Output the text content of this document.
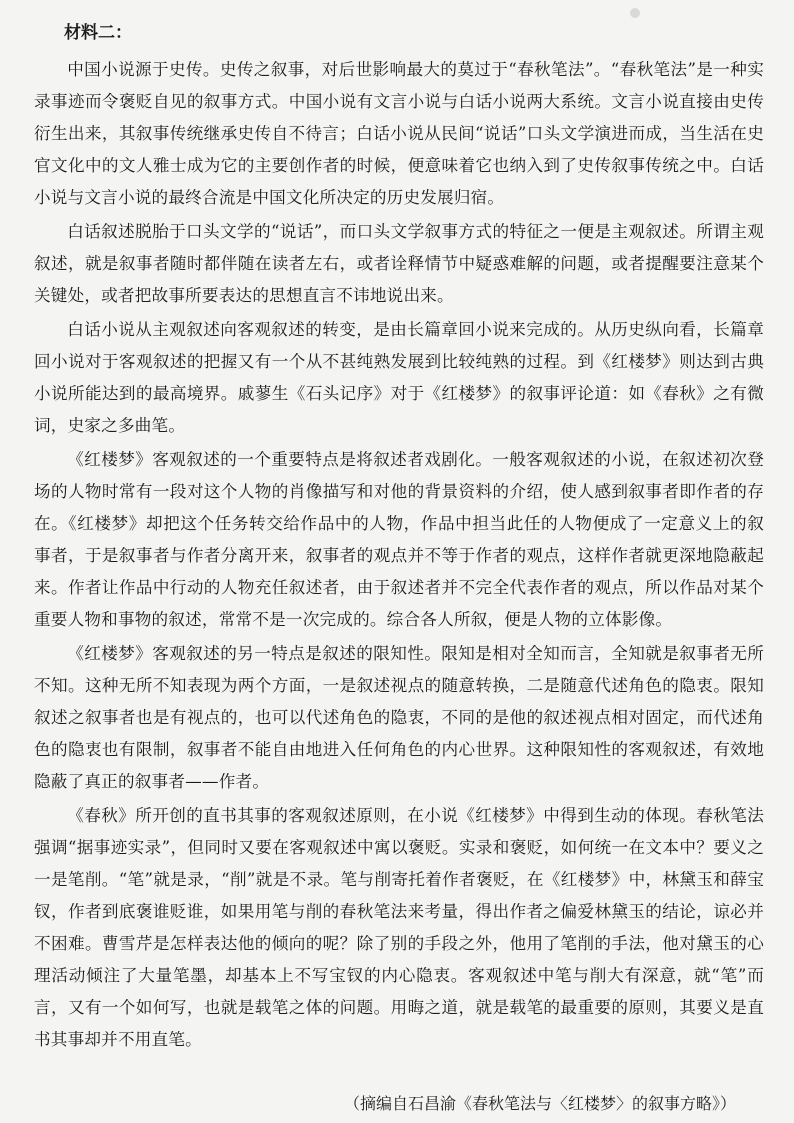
材料二：

中国小说源于史传。史传之叙事，对后世影响最大的莫过于“春秋笔法”。“春秋笔法”是一种实录事迹而令褒贬自见的叙事方式。中国小说有文言小说与白话小说两大系统。文言小说直接由史传衍生出来，其叙事传统继承史传自不待言；白话小说从民间“说话”口头文学演进而成，当生活在史官文化中的文人雅士成为它的主要创作者的时候，便意味着它也纳入到了史传叙事传统之中。白话小说与文言小说的最终合流是中国文化所决定的历史发展归宿。

白话叙述脱胎于口头文学的“说话”，而口头文学叙事方式的特征之一便是主观叙述。所谓主观叙述，就是叙事者随时都伴随在读者左右，或者诠释情节中疑惑难解的问题，或者提醒要注意某个关键处，或者把故事所要表达的思想直言不讳地说出来。

白话小说从主观叙述向客观叙述的转变，是由长篇章回小说来完成的。从历史纵向看，长篇章回小说对于客观叙述的把握又有一个从不甚纯熟发展到比较纯熟的过程。到《红楼梦》则达到古典小说所能达到的最高境界。戚蓼生《石头记序》对于《红楼梦》的叙事评论道：如《春秋》之有微词，史家之多曲笔。

《红楼梦》客观叙述的一个重要特点是将叙述者戏剧化。一般客观叙述的小说，在叙述初次登场的人物时常有一段对这个人物的肖像描写和对他的背景资料的介绍，使人感到叙事者即作者的存在。《红楼梦》却把这个任务转交给作品中的人物，作品中担当此任的人物便成了一定意义上的叙事者，于是叙事者与作者分离开来，叙事者的观点并不等于作者的观点，这样作者就更深地隐蔽起来。作者让作品中行动的人物充任叙述者，由于叙述者并不完全代表作者的观点，所以作品对某个重要人物和事物的叙述，常常不是一次完成的。综合各人所叙，便是人物的立体影像。

《红楼梦》客观叙述的另一特点是叙述的限知性。限知是相对全知而言，全知就是叙事者无所不知。这种无所不知表现为两个方面，一是叙述视点的随意转换，二是随意代述角色的隐衷。限知叙述之叙事者也是有视点的，也可以代述角色的隐衷，不同的是他的叙述视点相对固定，而代述角色的隐衷也有限制，叙事者不能自由地进入任何角色的内心世界。这种限知性的客观叙述，有效地隐蔽了真正的叙事者——作者。

《春秋》所开创的直书其事的客观叙述原则，在小说《红楼梦》中得到生动的体现。春秋笔法强调“据事迹实录”，但同时又要在客观叙述中寓以褒贬。实录和褒贬，如何统一在文本中？要义之一是笔削。“笔”就是录，“削”就是不录。笔与削寄托着作者褒贬，在《红楼梦》中，林黛玉和薛宝钗，作者到底褒谁贬谁，如果用笔与削的春秋笔法来考量，得出作者之偏爱林黛玉的结论，谅必并不困难。曹雪芹是怎样表达他的倾向的呢？除了别的手段之外，他用了笔削的手法，他对黛玉的心理活动倾注了大量笔墨，却基本上不写宝钗的内心隐衷。客观叙述中笔与削大有深意，就“笔”而言，又有一个如何写，也就是载笔之体的问题。用晦之道，就是载笔的最重要的原则，其要义是直书其事却并不用直笔。

（摘编自石昌渝《春秋笔法与〈红楼梦〉的叙事方略》）
